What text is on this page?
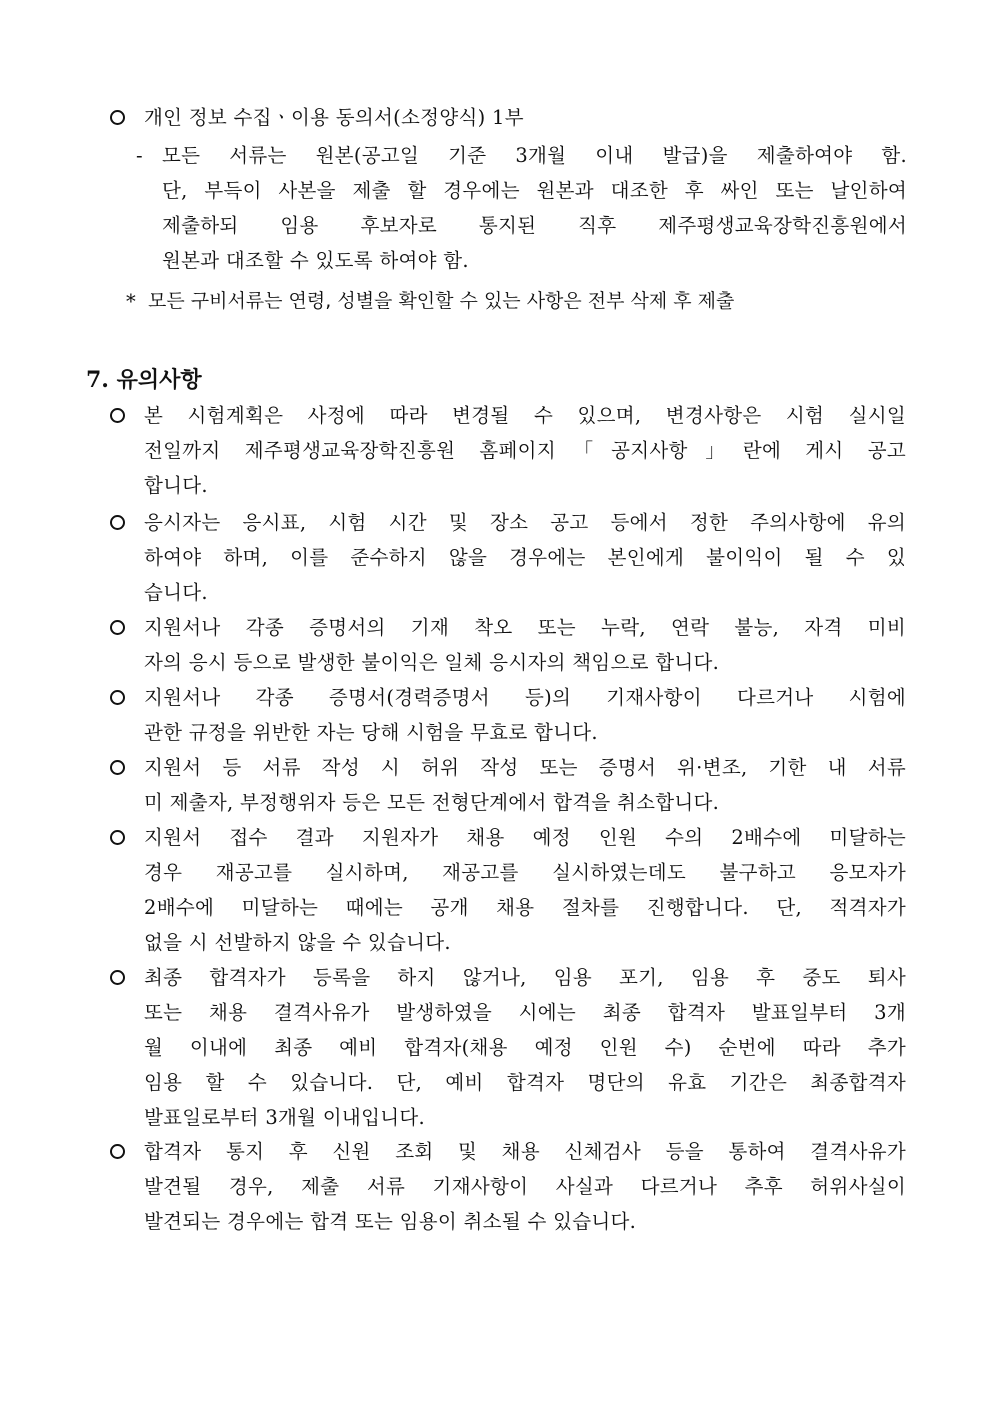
개인 정보 수집ㆍ이용 동의서(소정양식) 1부
- 모든 서류는 원본(공고일 기준 3개월 이내 발급)을 제출하여야 함.
단, 부득이 사본을 제출 할 경우에는 원본과 대조한 후 싸인 또는 날인하여
제출하되 임용 후보자로 통지된 직후 제주평생교육장학진흥원에서
원본과 대조할 수 있도록 하여야 함.
* 모든 구비서류는 연령, 성별을 확인할 수 있는 사항은 전부 삭제 후 제출
7. 유의사항
본 시험계획은 사정에 따라 변경될 수 있으며, 변경사항은 시험 실시일
전일까지 제주평생교육장학진흥원 홈페이지「공지사항」란에 게시 공고
합니다.
응시자는 응시표, 시험 시간 및 장소 공고 등에서 정한 주의사항에 유의
하여야 하며, 이를 준수하지 않을 경우에는 본인에게 불이익이 될 수 있
습니다.
지원서나 각종 증명서의 기재 착오 또는 누락, 연락 불능, 자격 미비
자의 응시 등으로 발생한 불이익은 일체 응시자의 책임으로 합니다.
지원서나 각종 증명서(경력증명서 등)의 기재사항이 다르거나 시험에
관한 규정을 위반한 자는 당해 시험을 무효로 합니다.
지원서 등 서류 작성 시 허위 작성 또는 증명서 위·변조, 기한 내 서류
미 제출자, 부정행위자 등은 모든 전형단계에서 합격을 취소합니다.
지원서 접수 결과 지원자가 채용 예정 인원 수의 2배수에 미달하는
경우 재공고를 실시하며, 재공고를 실시하였는데도 불구하고 응모자가
2배수에 미달하는 때에는 공개 채용 절차를 진행합니다. 단, 적격자가
없을 시 선발하지 않을 수 있습니다.
최종 합격자가 등록을 하지 않거나, 임용 포기, 임용 후 중도 퇴사
또는 채용 결격사유가 발생하였을 시에는 최종 합격자 발표일부터 3개
월 이내에 최종 예비 합격자(채용 예정 인원 수) 순번에 따라 추가
임용 할 수 있습니다. 단, 예비 합격자 명단의 유효 기간은 최종합격자
발표일로부터 3개월 이내입니다.
합격자 통지 후 신원 조회 및 채용 신체검사 등을 통하여 결격사유가
발견될 경우, 제출 서류 기재사항이 사실과 다르거나 추후 허위사실이
발견되는 경우에는 합격 또는 임용이 취소될 수 있습니다.
